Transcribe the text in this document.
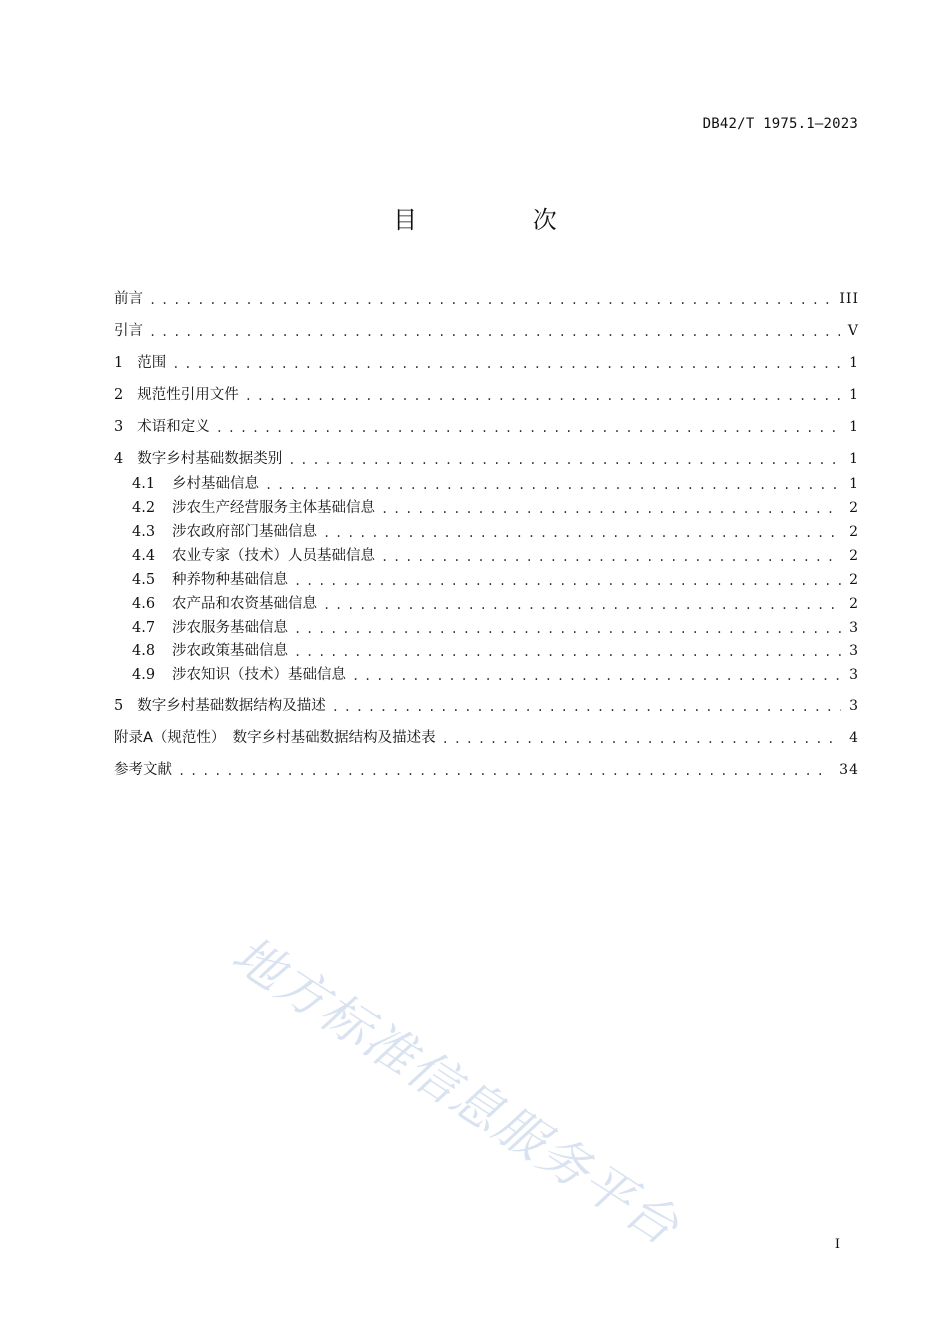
DB42/T 1975.1—2023
目 次
前言 . . .	III
引言 . . .	V
1 范围 . . .	1
2 规范性引用文件 . . .	1
3 术语和定义 . . .	1
4 数字乡村基础数据类别 . . .	1
4.1	乡村基础信息 . . .	1
4.2	涉农生产经营服务主体基础信息 . . .	2
4.3	涉农政府部门基础信息 . . .	2
4.4	农业专家（技术）人员基础信息 . . .	2
4.5	种养物种基础信息 . . .	2
4.6	农产品和农资基础信息 . . .	2
4.7	涉农服务基础信息 . . .	3
4.8	涉农政策基础信息 . . .	3
4.9	涉农知识（技术）基础信息 . . .	3
5 数字乡村基础数据结构及描述 . . .	3
附录A（规范性）　数字乡村基础数据结构及描述表 . . .	4
参考文献 . . .	34
地方标准信息服务平台	I
